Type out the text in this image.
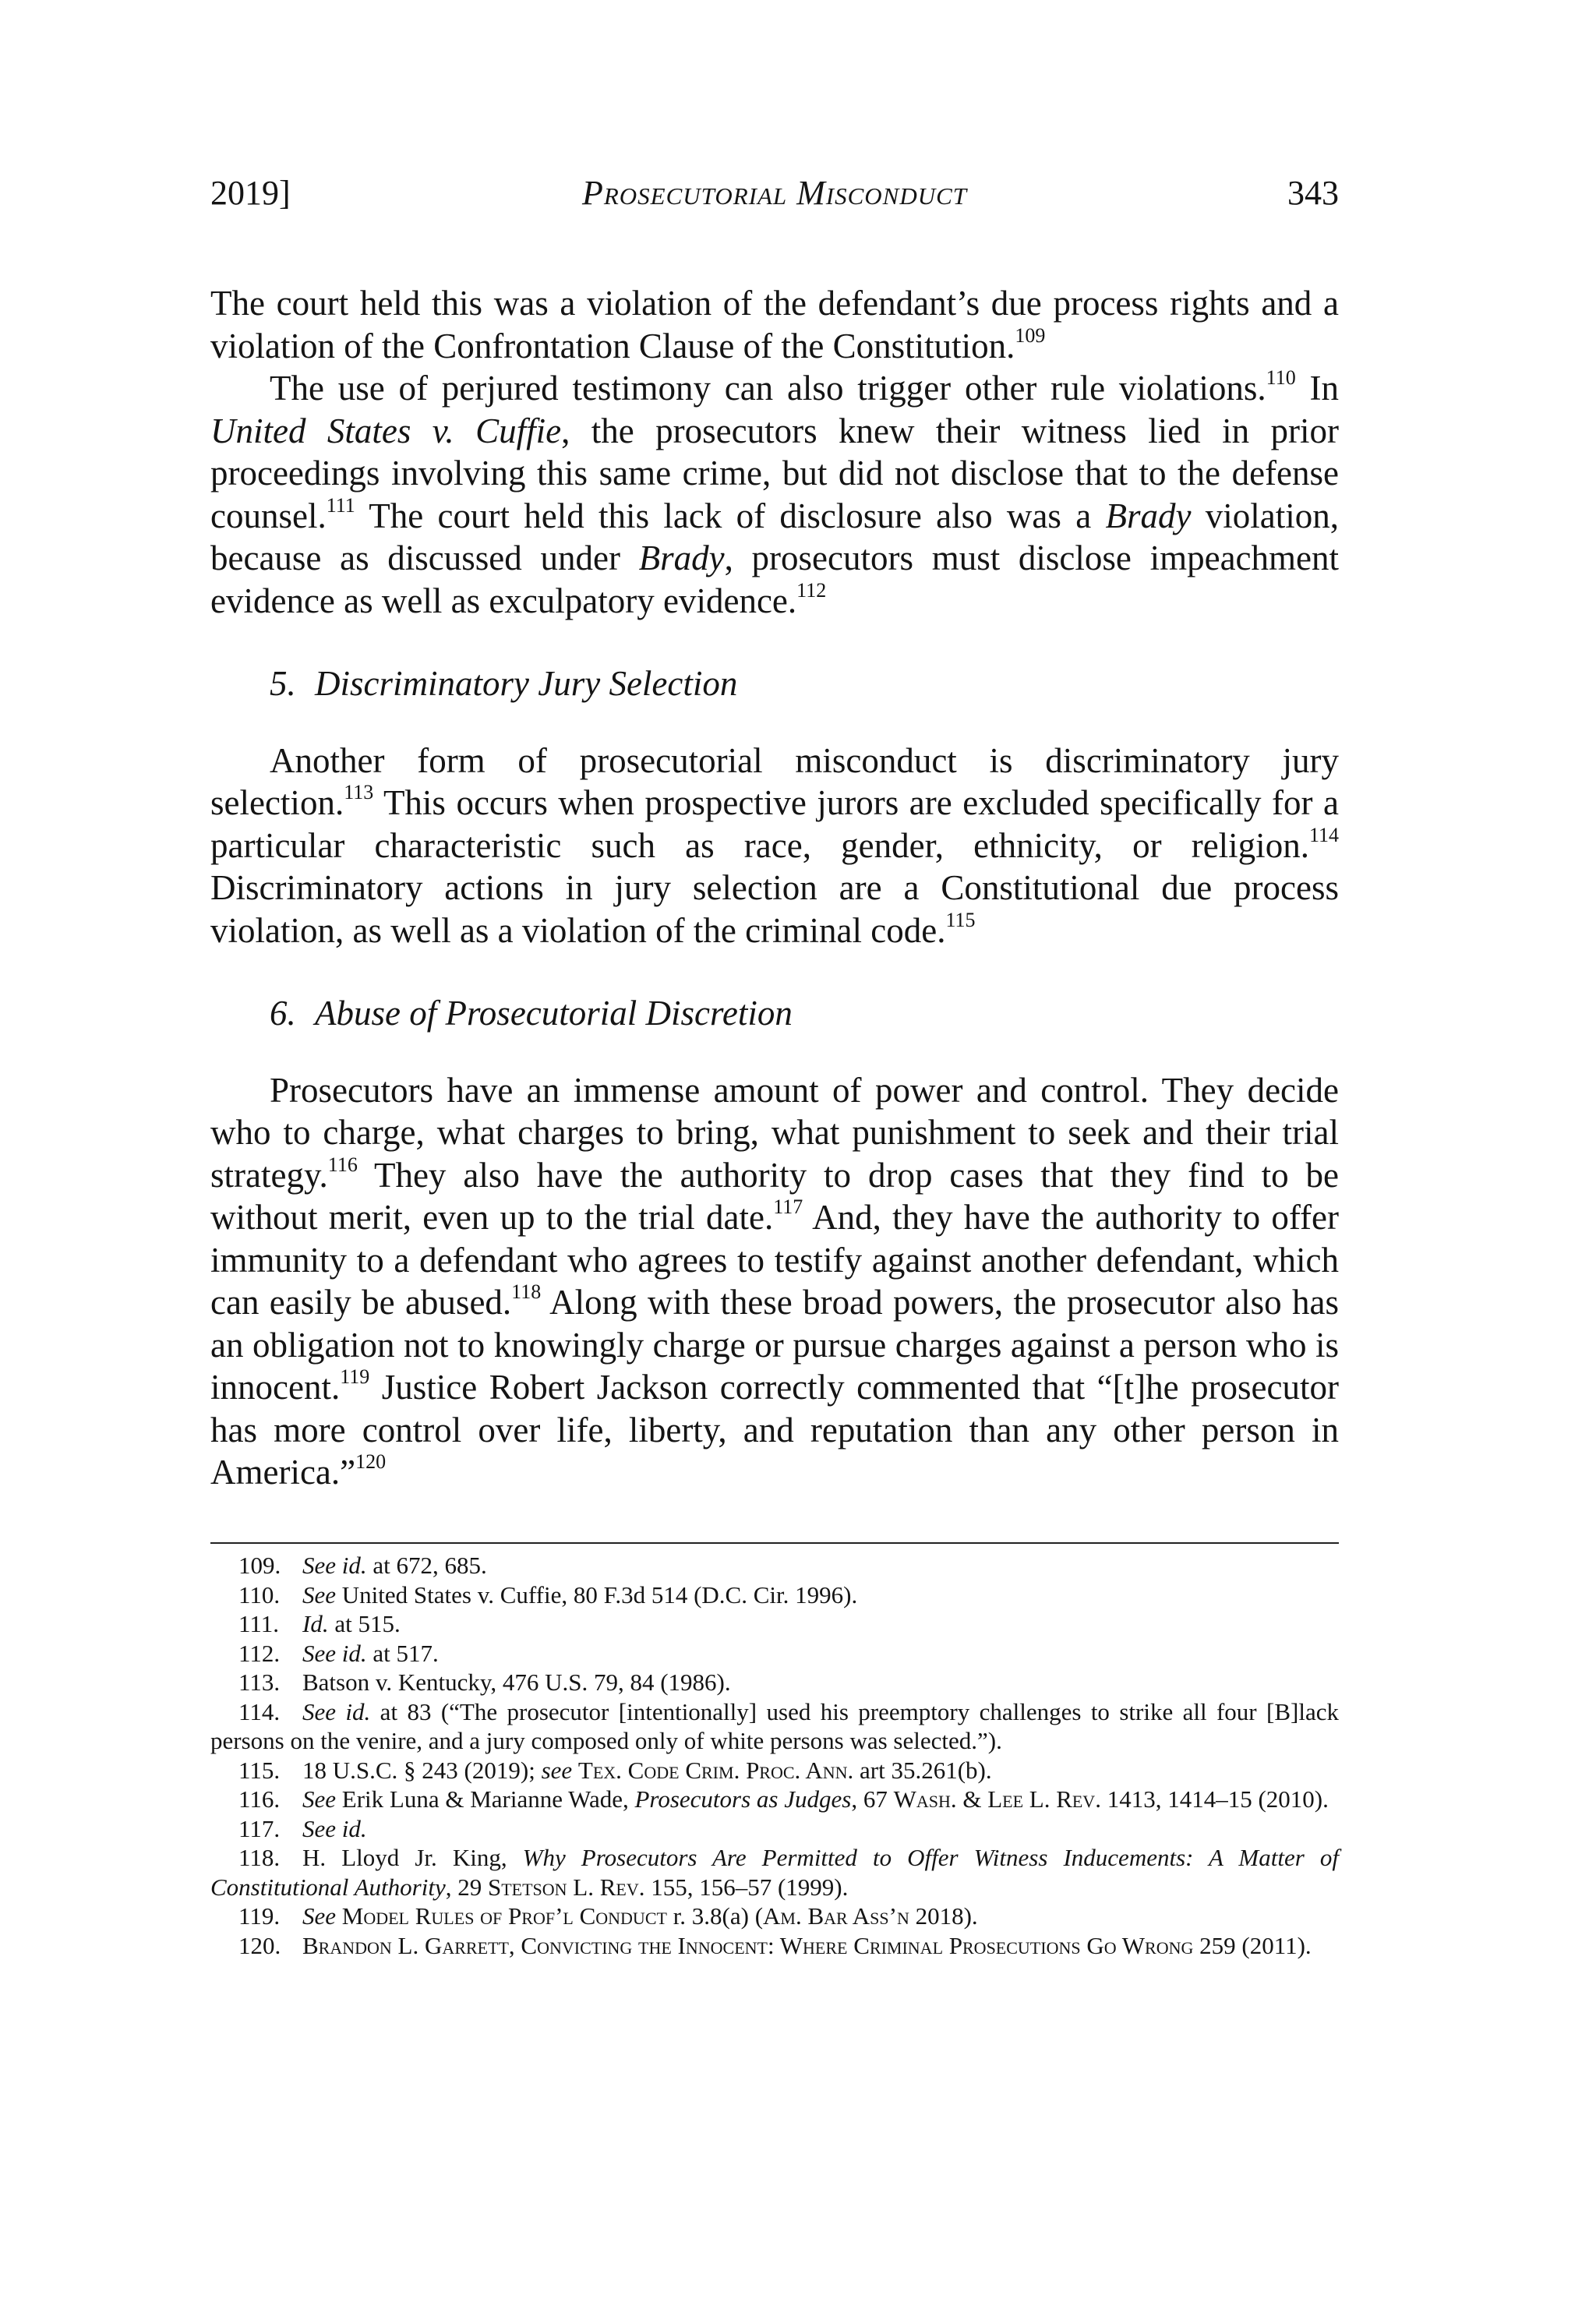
2019]	Prosecutorial Misconduct	343

The court held this was a violation of the defendant’s due process rights and a violation of the Confrontation Clause of the Constitution.$^{109}$

The use of perjured testimony can also trigger other rule violations.$^{110}$ In United States v. Cuffie, the prosecutors knew their witness lied in prior proceedings involving this same crime, but did not disclose that to the defense counsel.$^{111}$ The court held this lack of disclosure also was a Brady violation, because as discussed under Brady, prosecutors must disclose impeachment evidence as well as exculpatory evidence.$^{112}$

5. Discriminatory Jury Selection

Another form of prosecutorial misconduct is discriminatory jury selection.$^{113}$ This occurs when prospective jurors are excluded specifically for a particular characteristic such as race, gender, ethnicity, or religion.$^{114}$ Discriminatory actions in jury selection are a Constitutional due process violation, as well as a violation of the criminal code.$^{115}$

6. Abuse of Prosecutorial Discretion

Prosecutors have an immense amount of power and control. They decide who to charge, what charges to bring, what punishment to seek and their trial strategy.$^{116}$ They also have the authority to drop cases that they find to be without merit, even up to the trial date.$^{117}$ And, they have the authority to offer immunity to a defendant who agrees to testify against another defendant, which can easily be abused.$^{118}$ Along with these broad powers, the prosecutor also has an obligation not to knowingly charge or pursue charges against a person who is innocent.$^{119}$ Justice Robert Jackson correctly commented that “[t]he prosecutor has more control over life, liberty, and reputation than any other person in America.”$^{120}$

109. See id. at 672, 685.

110. See United States v. Cuffie, 80 F.3d 514 (D.C. Cir. 1996).

111. Id. at 515.

112. See id. at 517.

113. Batson v. Kentucky, 476 U.S. 79, 84 (1986).

114. See id. at 83 (“The prosecutor [intentionally] used his preemptory challenges to strike all four [B]lack persons on the venire, and a jury composed only of white persons was selected.”).

115. 18 U.S.C. § 243 (2019); see Tex. Code Crim. Proc. Ann. art 35.261(b).

116. See Erik Luna & Marianne Wade, Prosecutors as Judges, 67 Wash. & Lee L. Rev. 1413, 1414–15 (2010).

117. See id.

118. H. Lloyd Jr. King, Why Prosecutors Are Permitted to Offer Witness Inducements: A Matter of Constitutional Authority, 29 Stetson L. Rev. 155, 156–57 (1999).

119. See Model Rules of Prof’l Conduct r. 3.8(a) (Am. Bar Ass’n 2018).

120. Brandon L. Garrett, Convicting the Innocent: Where Criminal Prosecutions Go Wrong 259 (2011).
